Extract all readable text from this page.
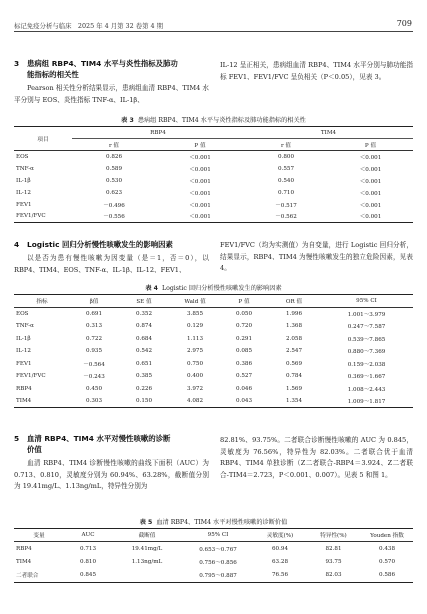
标记免疫分析与临床　2025 年 4 月第 32 卷第 4 期	709
3 患病组 RBP4、TIM4 水平与炎性指标及肺功
能指标的相关性
Pearson 相关性分析结果显示，患病组血清 RBP4、TIM4 水平分别与 EOS、炎性指标 TNF-α、IL-1β、
IL-12 呈正相关，患病组血清 RBP4、TIM4 水平分别与肺功能指标 FEV1、FEV1/FVC 呈负相关（P＜0.05），见表 3。
表 3 患病组 RBP4、TIM4 水平与炎性指标及肺功能指标的相关性
项目	RBP4		TIM4	
	r 值	P 值	r 值	P 值
EOS	0.826	＜0.001	0.800	＜0.001
TNF-α	0.589	＜0.001	0.557	＜0.001
IL-1β	0.530	＜0.001	0.540	＜0.001
IL-12	0.623	＜0.001	0.710	＜0.001
FEV1	－0.496	＜0.001	－0.517	＜0.001
FEV1/FVC	－0.556	＜0.001	－0.562	＜0.001
4 Logistic 回归分析慢性咳嗽发生的影响因素
以是否为患有慢性咳嗽为因变量（是＝1，否＝0），以 RBP4、TIM4、EOS、TNF-α、IL-1β、IL-12、FEV1、
FEV1/FVC（均为实测值）为自变量，进行 Logistic 回归分析，结果显示，RBP4、TIM4 为慢性咳嗽发生的独立危险因素，见表 4。
表 4 Logistic 回归分析慢性咳嗽发生的影响因素
指标	β值	SE 值	Wald 值	P 值	OR 值	95% CI
EOS	0.691	0.352	3.855	0.050	1.996	1.001～3.979
TNF-α	0.313	0.874	0.129	0.720	1.368	0.247～7.587
IL-1β	0.722	0.684	1.113	0.291	2.058	0.539～7.865
IL-12	0.935	0.542	2.975	0.085	2.547	0.880～7.369
FEV1	－0.564	0.651	0.750	0.386	0.569	0.159～2.038
FEV1/FVC	－0.243	0.385	0.400	0.527	0.784	0.369～1.667
RBP4	0.450	0.226	3.972	0.046	1.569	1.008～2.443
TIM4	0.303	0.150	4.082	0.043	1.354	1.009～1.817
5 血清 RBP4、TIM4 水平对慢性咳嗽的诊断
价值
血清 RBP4、TIM4 诊断慢性咳嗽的曲线下面积（AUC）为 0.713、0.810，灵敏度分别为 60.94%、63.28%，截断值分别为 19.41mg/L、1.13ng/mL，特异性分别为
82.81%、93.75%。二者联合诊断慢性咳嗽的 AUC 为 0.845，灵敏度为 76.56%，特异性为 82.03%。二者联合优于血清 RBP4、TIM4 单独诊断（Z二者联合-RBP4＝3.924、Z二者联合-TIM4＝2.723，P＜0.001、0.007）。见表 5 和图 1。
表 5 血清 RBP4、TIM4 水平对慢性咳嗽的诊断价值
变量	AUC	截断值	95% CI	灵敏度(%)	特异性(%)	Youden 指数
RBP4	0.713	19.41mg/L	0.653～0.767	60.94	82.81	0.438
TIM4	0.810	1.13ng/mL	0.756～0.856	63.28	93.75	0.570
二者联合	0.845		0.795～0.887	76.56	82.03	0.586
